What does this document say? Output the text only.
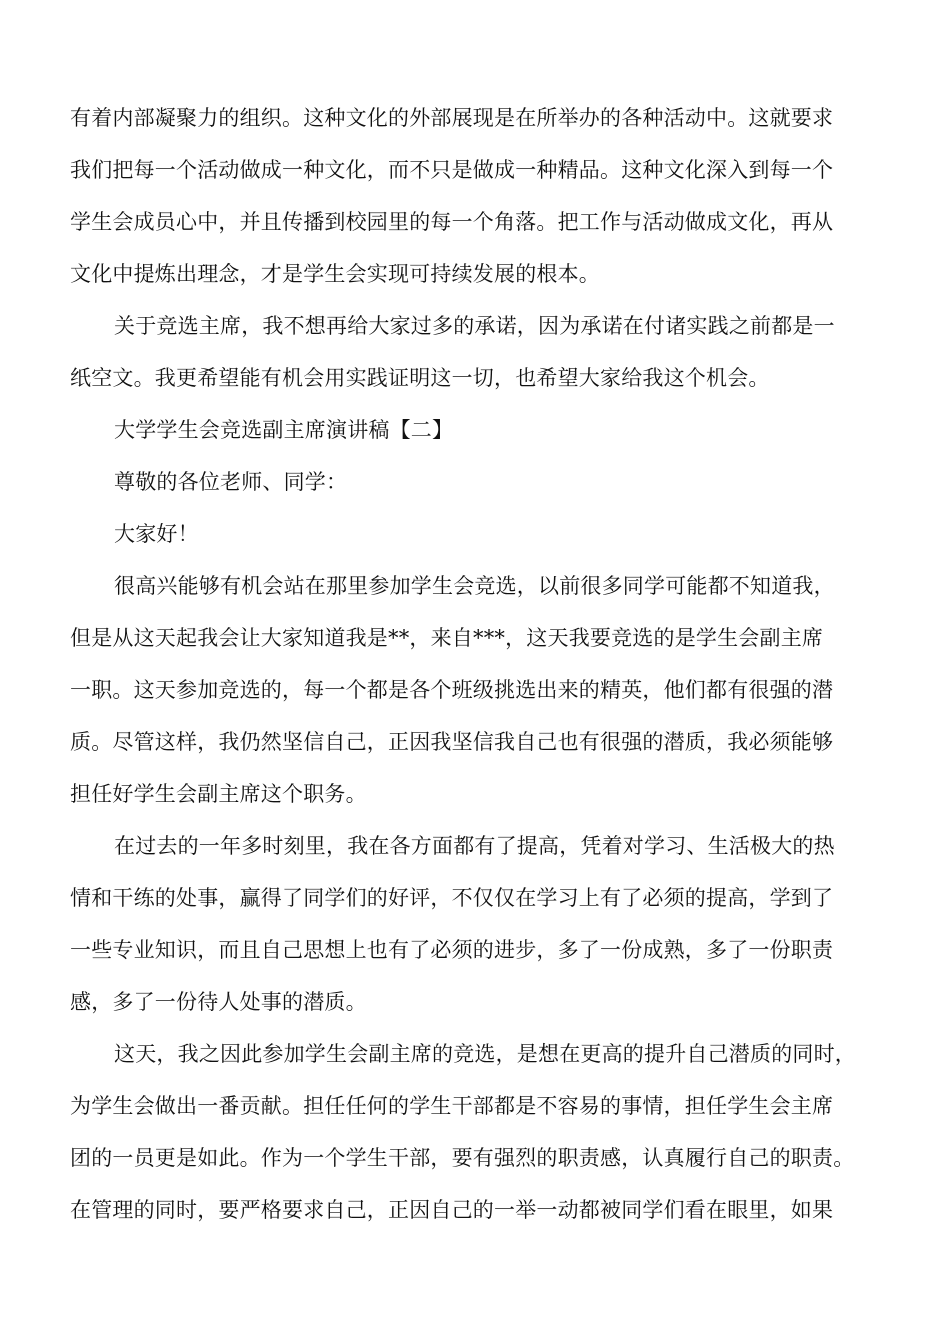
有着内部凝聚力的组织。这种文化的外部展现是在所举办的各种活动中。这就要求

我们把每一个活动做成一种文化，而不只是做成一种精品。这种文化深入到每一个

学生会成员心中，并且传播到校园里的每一个角落。把工作与活动做成文化，再从

文化中提炼出理念，才是学生会实现可持续发展的根本。

关于竞选主席，我不想再给大家过多的承诺，因为承诺在付诸实践之前都是一

纸空文。我更希望能有机会用实践证明这一切，也希望大家给我这个机会。

大学学生会竞选副主席演讲稿【二】

尊敬的各位老师、同学：

大家好！

很高兴能够有机会站在那里参加学生会竞选，以前很多同学可能都不知道我，

但是从这天起我会让大家知道我是**，来自***，这天我要竞选的是学生会副主席

一职。这天参加竞选的，每一个都是各个班级挑选出来的精英，他们都有很强的潜

质。尽管这样，我仍然坚信自己，正因我坚信我自己也有很强的潜质，我必须能够

担任好学生会副主席这个职务。

在过去的一年多时刻里，我在各方面都有了提高，凭着对学习、生活极大的热

情和干练的处事，赢得了同学们的好评，不仅仅在学习上有了必须的提高，学到了

一些专业知识，而且自己思想上也有了必须的进步，多了一份成熟，多了一份职责

感，多了一份待人处事的潜质。

这天，我之因此参加学生会副主席的竞选，是想在更高的提升自己潜质的同时，

为学生会做出一番贡献。担任任何的学生干部都是不容易的事情，担任学生会主席

团的一员更是如此。作为一个学生干部，要有强烈的职责感，认真履行自己的职责。

在管理的同时，要严格要求自己，正因自己的一举一动都被同学们看在眼里，如果
